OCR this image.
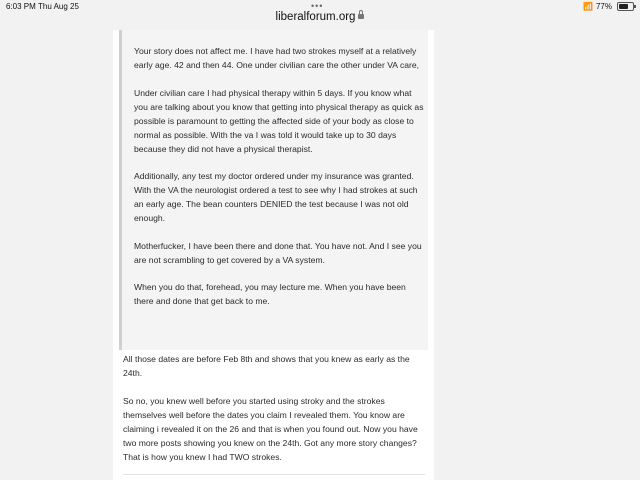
6:03 PM Thu Aug 25	•••
liberalforum.org
📶 77%

Your story does not affect me. I have had two strokes myself at a relatively early age. 42 and then 44. One under civilian care the other under VA care,

Under civilian care I had physical therapy within 5 days. If you know what you are talking about you know that getting into physical therapy as quick as possible is paramount to getting the affected side of your body as close to normal as possible. With the va I was told it would take up to 30 days because they did not have a physical therapist.

Additionally, any test my doctor ordered under my insurance was granted. With the VA the neurologist ordered a test to see why I had strokes at such an early age. The bean counters DENIED the test because I was not old enough.

Motherfucker, I have been there and done that. You have not. And I see you are not scrambling to get covered by a VA system.

When you do that, forehead, you may lecture me. When you have been there and done that get back to me.

All those dates are before Feb 8th and shows that you knew as early as the 24th.

So no, you knew well before you started using stroky and the strokes themselves well before the dates you claim I revealed them. You know are claiming i revealed it on the 26 and that is when you found out. Now you have two more posts showing you knew on the 24th. Got any more story changes? That is how you knew I had TWO strokes.
